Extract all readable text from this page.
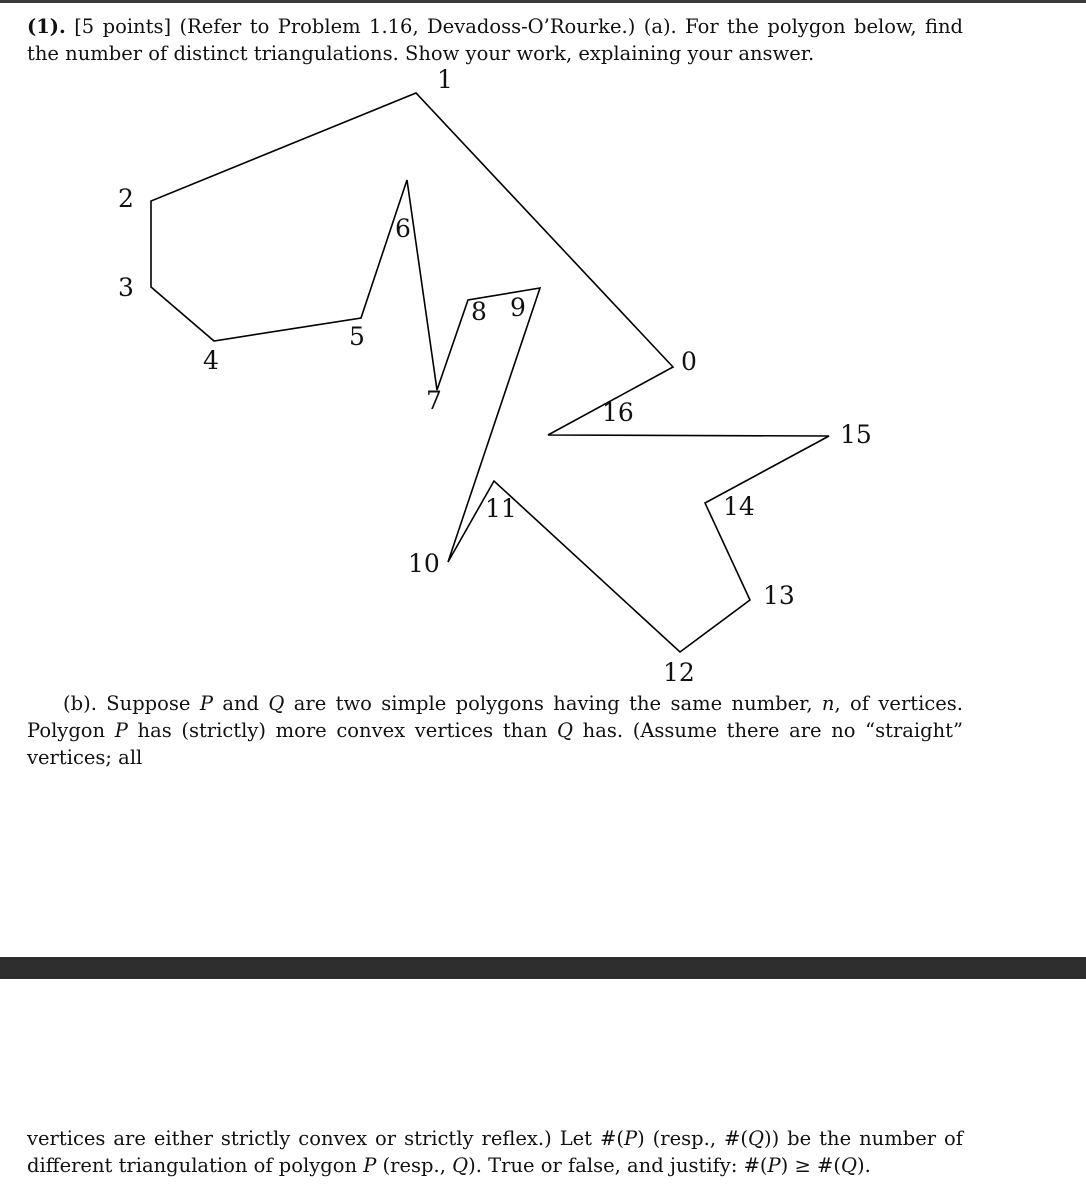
(1). [5 points] (Refer to Problem 1.16, Devadoss-O’Rourke.) (a). For the polygon below, find the number of distinct triangulations. Show your work, explaining your answer.

0
1
2
3
4
5
6
7
8 9
10
11
12
13
14
15
16

(b). Suppose P and Q are two simple polygons having the same number, n, of vertices. Polygon P has (strictly) more convex vertices than Q has. (Assume there are no “straight” vertices; all

vertices are either strictly convex or strictly reflex.) Let #(P) (resp., #(Q)) be the number of different triangulation of polygon P (resp., Q). True or false, and justify: #(P) ≥ #(Q).
